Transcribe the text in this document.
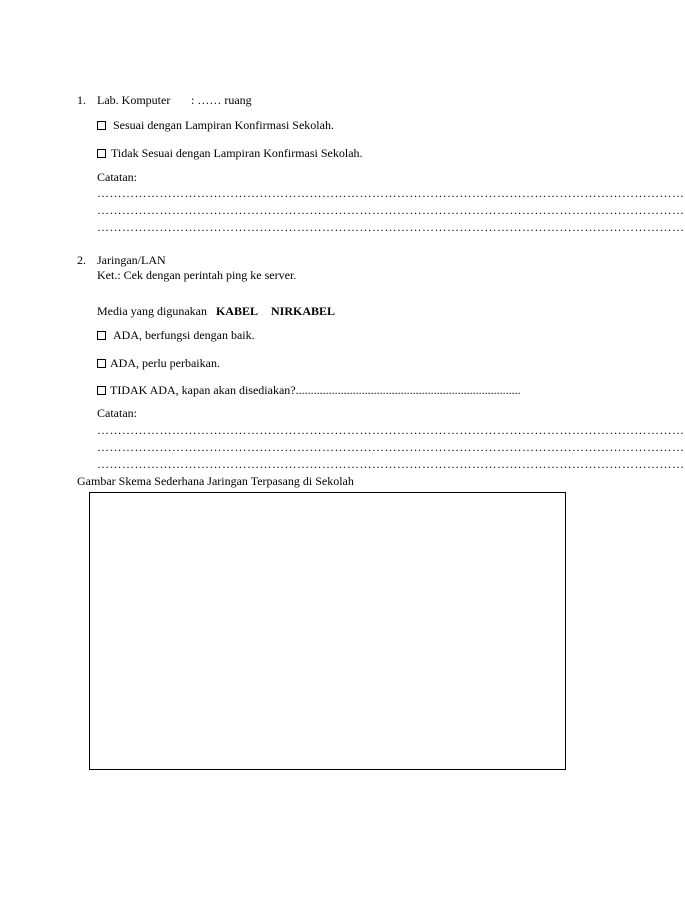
1. Lab. Komputer : …… ruang
Sesuai dengan Lampiran Konfirmasi Sekolah.
Tidak Sesuai dengan Lampiran Konfirmasi Sekolah.
Catatan:
……………………………………………………………………………………………………………………………
……………………………………………………………………………………………………………………………
……………………………………………………………………………………………………………………………
2. Jaringan/LAN
Ket.: Cek dengan perintah ping ke server.
Media yang digunakan KABEL NIRKABEL
ADA, berfungsi dengan baik.
ADA, perlu perbaikan.
TIDAK ADA, kapan akan disediakan?...........................................................................
Catatan:
……………………………………………………………………………………………………………………………
……………………………………………………………………………………………………………………………
……………………………………………………………………………………………………………………………
Gambar Skema Sederhana Jaringan Terpasang di Sekolah
